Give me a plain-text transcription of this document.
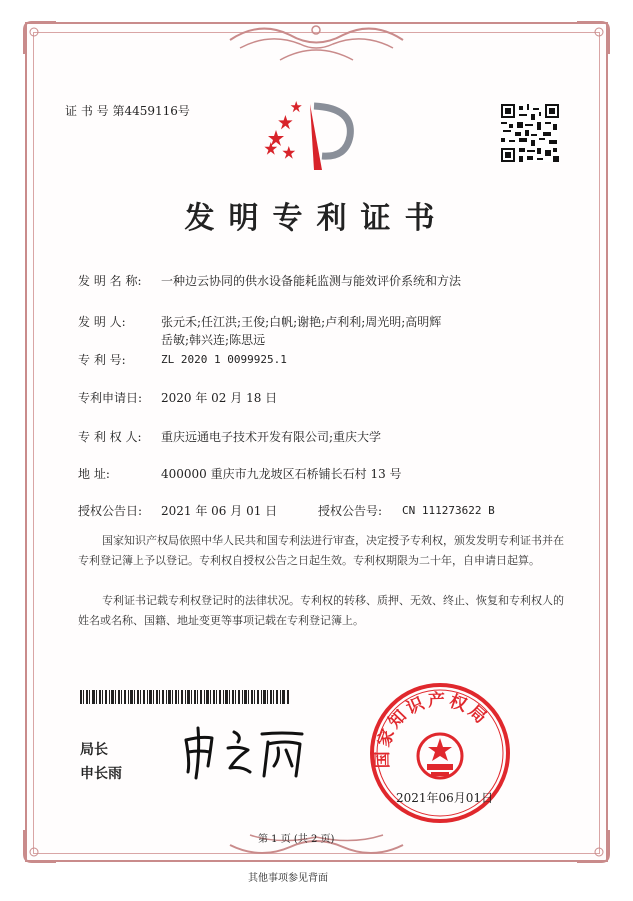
证 书 号 第4459116号
发明专利证书
发 明 名 称: 一种边云协同的供水设备能耗监测与能效评价系统和方法
发 明 人:	张元禾;任江洪;王俊;白帆;谢艳;卢利利;周光明;高明辉
岳敏;韩兴连;陈思远
专 利 号:	ZL 2020 1 0099925.1
专利申请日: 2020 年 02 月 18 日
专 利 权 人: 重庆远通电子技术开发有限公司;重庆大学
地 址:	400000 重庆市九龙坡区石桥铺长石村 13 号
授权公告日: 2021 年 06 月 01 日	授权公告号: CN 111273622 B
国家知识产权局依照中华人民共和国专利法进行审查，决定授予专利权，颁发发明专利证书并在专利登记簿上予以登记。专利权自授权公告之日起生效。专利权期限为二十年，自申请日起算。
专利证书记载专利权登记时的法律状况。专利权的转移、质押、无效、终止、恢复和专利权人的姓名或名称、国籍、地址变更等事项记载在专利登记簿上。
局长
申长雨
国家知识产权局
2021年06月01日
第 1 页 (共 2 页)
其他事项参见背面
